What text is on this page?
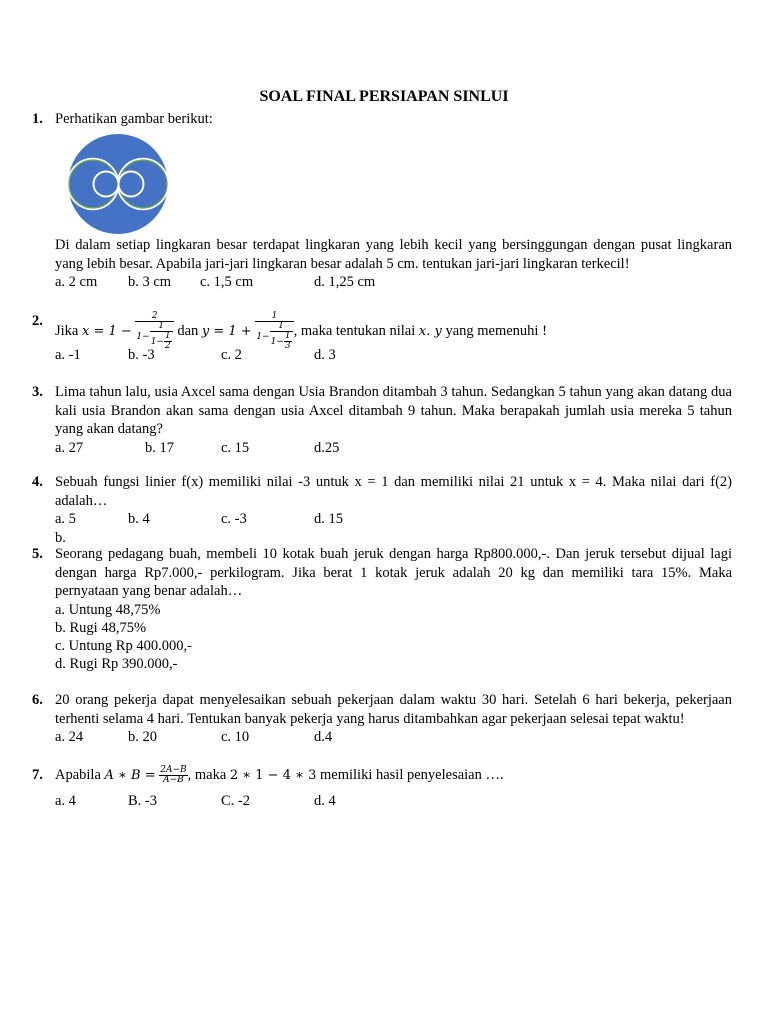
SOAL FINAL PERSIAPAN SINLUI
1. Perhatikan gambar berikut:

Di dalam setiap lingkaran besar terdapat lingkaran yang lebih kecil yang bersinggungan dengan pusat lingkaran yang lebih besar. Apabila jari-jari lingkaran besar adalah 5 cm. tentukan jari-jari lingkaran terkecil!

a. 2 cm b. 3 cm c. 1,5 cm	d. 1,25 cm
2.

Jika $x = 1 - \frac{2}{1- \frac{1}{1- \frac{1}{2}}}$ dan $y = 1 + \frac{1}{1- \frac{1}{1- \frac{1}{3}}}$ , maka tentukan nilai x. y yang memenuhi !

a. -1	b. -3	c. 2	d. 3
3. Lima tahun lalu, usia Axcel sama dengan Usia Brandon ditambah 3 tahun. Sedangkan 5 tahun yang akan datang dua kali usia Brandon akan sama dengan usia Axcel ditambah 9 tahun. Maka berapakah jumlah usia mereka 5 tahun yang akan datang?

a. 27	b. 17	c. 15	d.25
4. Sebuah fungsi linier f(x) memiliki nilai -3 untuk x = 1 dan memiliki nilai 21 untuk x = 4. Maka nilai dari f(2) adalah…

a. 5	b. 4	c. -3	d. 15
b.
5. Seorang pedagang buah, membeli 10 kotak buah jeruk dengan harga Rp800.000,-. Dan jeruk tersebut dijual lagi dengan harga Rp7.000,- perkilogram. Jika berat 1 kotak jeruk adalah 20 kg dan memiliki tara 15%. Maka pernyataan yang benar adalah…

a. Untung 48,75%
b. Rugi 48,75%
c. Untung Rp 400.000,-
d. Rugi Rp 390.000,-
6. 20 orang pekerja dapat menyelesaikan sebuah pekerjaan dalam waktu 30 hari. Setelah 6 hari bekerja, pekerjaan terhenti selama 4 hari. Tentukan banyak pekerja yang harus ditambahkan agar pekerjaan selesai tepat waktu!

a. 24	b. 20	c. 10	d.4
7. Apabila A ∗ $B = \frac{2A-B}{A-B}$ , maka 2 ∗ 1 − 4 ∗ 3 memiliki hasil penyelesaian ….

a. 4	B. -3	C. -2	d. 4
